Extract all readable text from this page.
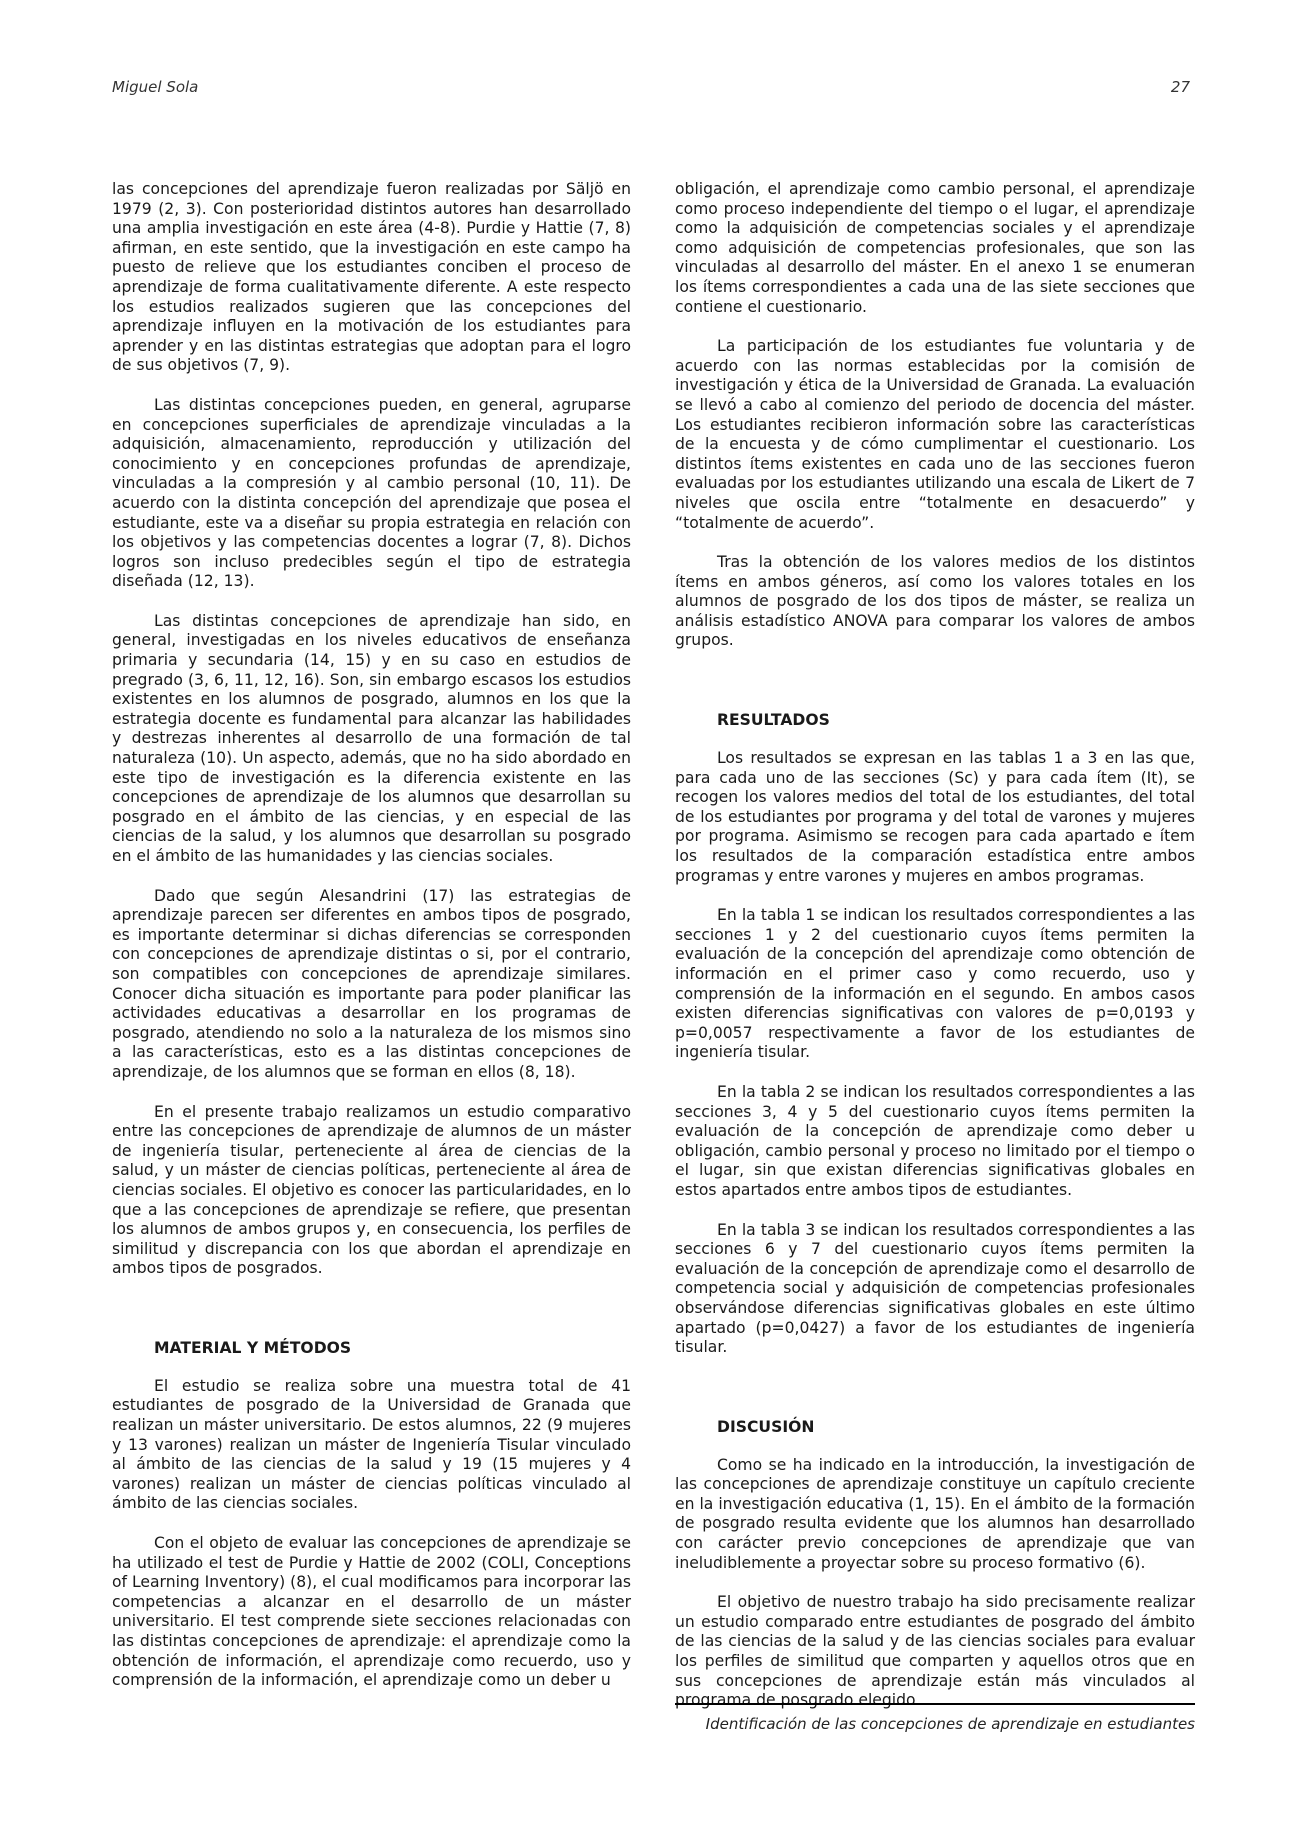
Miguel Sola	27

las concepciones del aprendizaje fueron realizadas por Säljö en 1979 (2, 3). Con posterioridad distintos autores han desarrollado una amplia investigación en este área (4-8). Purdie y Hattie (7, 8) afirman, en este sentido, que la investigación en este campo ha puesto de relieve que los estudiantes conciben el proceso de aprendizaje de forma cualitativamente diferente. A este respecto los estudios realizados sugieren que las concepciones del aprendizaje influyen en la motivación de los estudiantes para aprender y en las distintas estrategias que adoptan para el logro de sus objetivos (7, 9).

Las distintas concepciones pueden, en general, agruparse en concepciones superficiales de aprendizaje vinculadas a la adquisición, almacenamiento, reproducción y utilización del conocimiento y en concepciones profundas de aprendizaje, vinculadas a la compresión y al cambio personal (10, 11). De acuerdo con la distinta concepción del aprendizaje que posea el estudiante, este va a diseñar su propia estrategia en relación con los objetivos y las competencias docentes a lograr (7, 8). Dichos logros son incluso predecibles según el tipo de estrategia diseñada (12, 13).

Las distintas concepciones de aprendizaje han sido, en general, investigadas en los niveles educativos de enseñanza primaria y secundaria (14, 15) y en su caso en estudios de pregrado (3, 6, 11, 12, 16). Son, sin embargo escasos los estudios existentes en los alumnos de posgrado, alumnos en los que la estrategia docente es fundamental para alcanzar las habilidades y destrezas inherentes al desarrollo de una formación de tal naturaleza (10). Un aspecto, además, que no ha sido abordado en este tipo de investigación es la diferencia existente en las concepciones de aprendizaje de los alumnos que desarrollan su posgrado en el ámbito de las ciencias, y en especial de las ciencias de la salud, y los alumnos que desarrollan su posgrado en el ámbito de las humanidades y las ciencias sociales.

Dado que según Alesandrini (17) las estrategias de aprendizaje parecen ser diferentes en ambos tipos de posgrado, es importante determinar si dichas diferencias se corresponden con concepciones de aprendizaje distintas o si, por el contrario, son compatibles con concepciones de aprendizaje similares. Conocer dicha situación es importante para poder planificar las actividades educativas a desarrollar en los programas de posgrado, atendiendo no solo a la naturaleza de los mismos sino a las características, esto es a las distintas concepciones de aprendizaje, de los alumnos que se forman en ellos (8, 18).

En el presente trabajo realizamos un estudio comparativo entre las concepciones de aprendizaje de alumnos de un máster de ingeniería tisular, perteneciente al área de ciencias de la salud, y un máster de ciencias políticas, perteneciente al área de ciencias sociales. El objetivo es conocer las particularidades, en lo que a las concepciones de aprendizaje se refiere, que presentan los alumnos de ambos grupos y, en consecuencia, los perfiles de similitud y discrepancia con los que abordan el aprendizaje en ambos tipos de posgrados.

MATERIAL Y MÉTODOS

El estudio se realiza sobre una muestra total de 41 estudiantes de posgrado de la Universidad de Granada que realizan un máster universitario. De estos alumnos, 22 (9 mujeres y 13 varones) realizan un máster de Ingeniería Tisular vinculado al ámbito de las ciencias de la salud y 19 (15 mujeres y 4 varones) realizan un máster de ciencias políticas vinculado al ámbito de las ciencias sociales.

Con el objeto de evaluar las concepciones de aprendizaje se ha utilizado el test de Purdie y Hattie de 2002 (COLI, Conceptions of Learning Inventory) (8), el cual modificamos para incorporar las competencias a alcanzar en el desarrollo de un máster universitario. El test comprende siete secciones relacionadas con las distintas concepciones de aprendizaje: el aprendizaje como la obtención de información, el aprendizaje como recuerdo, uso y comprensión de la información, el aprendizaje como un deber u

obligación, el aprendizaje como cambio personal, el aprendizaje como proceso independiente del tiempo o el lugar, el aprendizaje como la adquisición de competencias sociales y el aprendizaje como adquisición de competencias profesionales, que son las vinculadas al desarrollo del máster. En el anexo 1 se enumeran los ítems correspondientes a cada una de las siete secciones que contiene el cuestionario.

La participación de los estudiantes fue voluntaria y de acuerdo con las normas establecidas por la comisión de investigación y ética de la Universidad de Granada. La evaluación se llevó a cabo al comienzo del periodo de docencia del máster. Los estudiantes recibieron información sobre las características de la encuesta y de cómo cumplimentar el cuestionario. Los distintos ítems existentes en cada uno de las secciones fueron evaluadas por los estudiantes utilizando una escala de Likert de 7 niveles que oscila entre “totalmente en desacuerdo” y “totalmente de acuerdo”.

Tras la obtención de los valores medios de los distintos ítems en ambos géneros, así como los valores totales en los alumnos de posgrado de los dos tipos de máster, se realiza un análisis estadístico ANOVA para comparar los valores de ambos grupos.

RESULTADOS

Los resultados se expresan en las tablas 1 a 3 en las que, para cada uno de las secciones (Sc) y para cada ítem (It), se recogen los valores medios del total de los estudiantes, del total de los estudiantes por programa y del total de varones y mujeres por programa. Asimismo se recogen para cada apartado e ítem los resultados de la comparación estadística entre ambos programas y entre varones y mujeres en ambos programas.

En la tabla 1 se indican los resultados correspondientes a las secciones 1 y 2 del cuestionario cuyos ítems permiten la evaluación de la concepción del aprendizaje como obtención de información en el primer caso y como recuerdo, uso y comprensión de la información en el segundo. En ambos casos existen diferencias significativas con valores de p=0,0193 y p=0,0057 respectivamente a favor de los estudiantes de ingeniería tisular.

En la tabla 2 se indican los resultados correspondientes a las secciones 3, 4 y 5 del cuestionario cuyos ítems permiten la evaluación de la concepción de aprendizaje como deber u obligación, cambio personal y proceso no limitado por el tiempo o el lugar, sin que existan diferencias significativas globales en estos apartados entre ambos tipos de estudiantes.

En la tabla 3 se indican los resultados correspondientes a las secciones 6 y 7 del cuestionario cuyos ítems permiten la evaluación de la concepción de aprendizaje como el desarrollo de competencia social y adquisición de competencias profesionales observándose diferencias significativas globales en este último apartado (p=0,0427) a favor de los estudiantes de ingeniería tisular.

DISCUSIÓN

Como se ha indicado en la introducción, la investigación de las concepciones de aprendizaje constituye un capítulo creciente en la investigación educativa (1, 15). En el ámbito de la formación de posgrado resulta evidente que los alumnos han desarrollado con carácter previo concepciones de aprendizaje que van ineludiblemente a proyectar sobre su proceso formativo (6).

El objetivo de nuestro trabajo ha sido precisamente realizar un estudio comparado entre estudiantes de posgrado del ámbito de las ciencias de la salud y de las ciencias sociales para evaluar los perfiles de similitud que comparten y aquellos otros que en sus concepciones de aprendizaje están más vinculados al programa de posgrado elegido.

Identificación de las concepciones de aprendizaje en estudiantes
